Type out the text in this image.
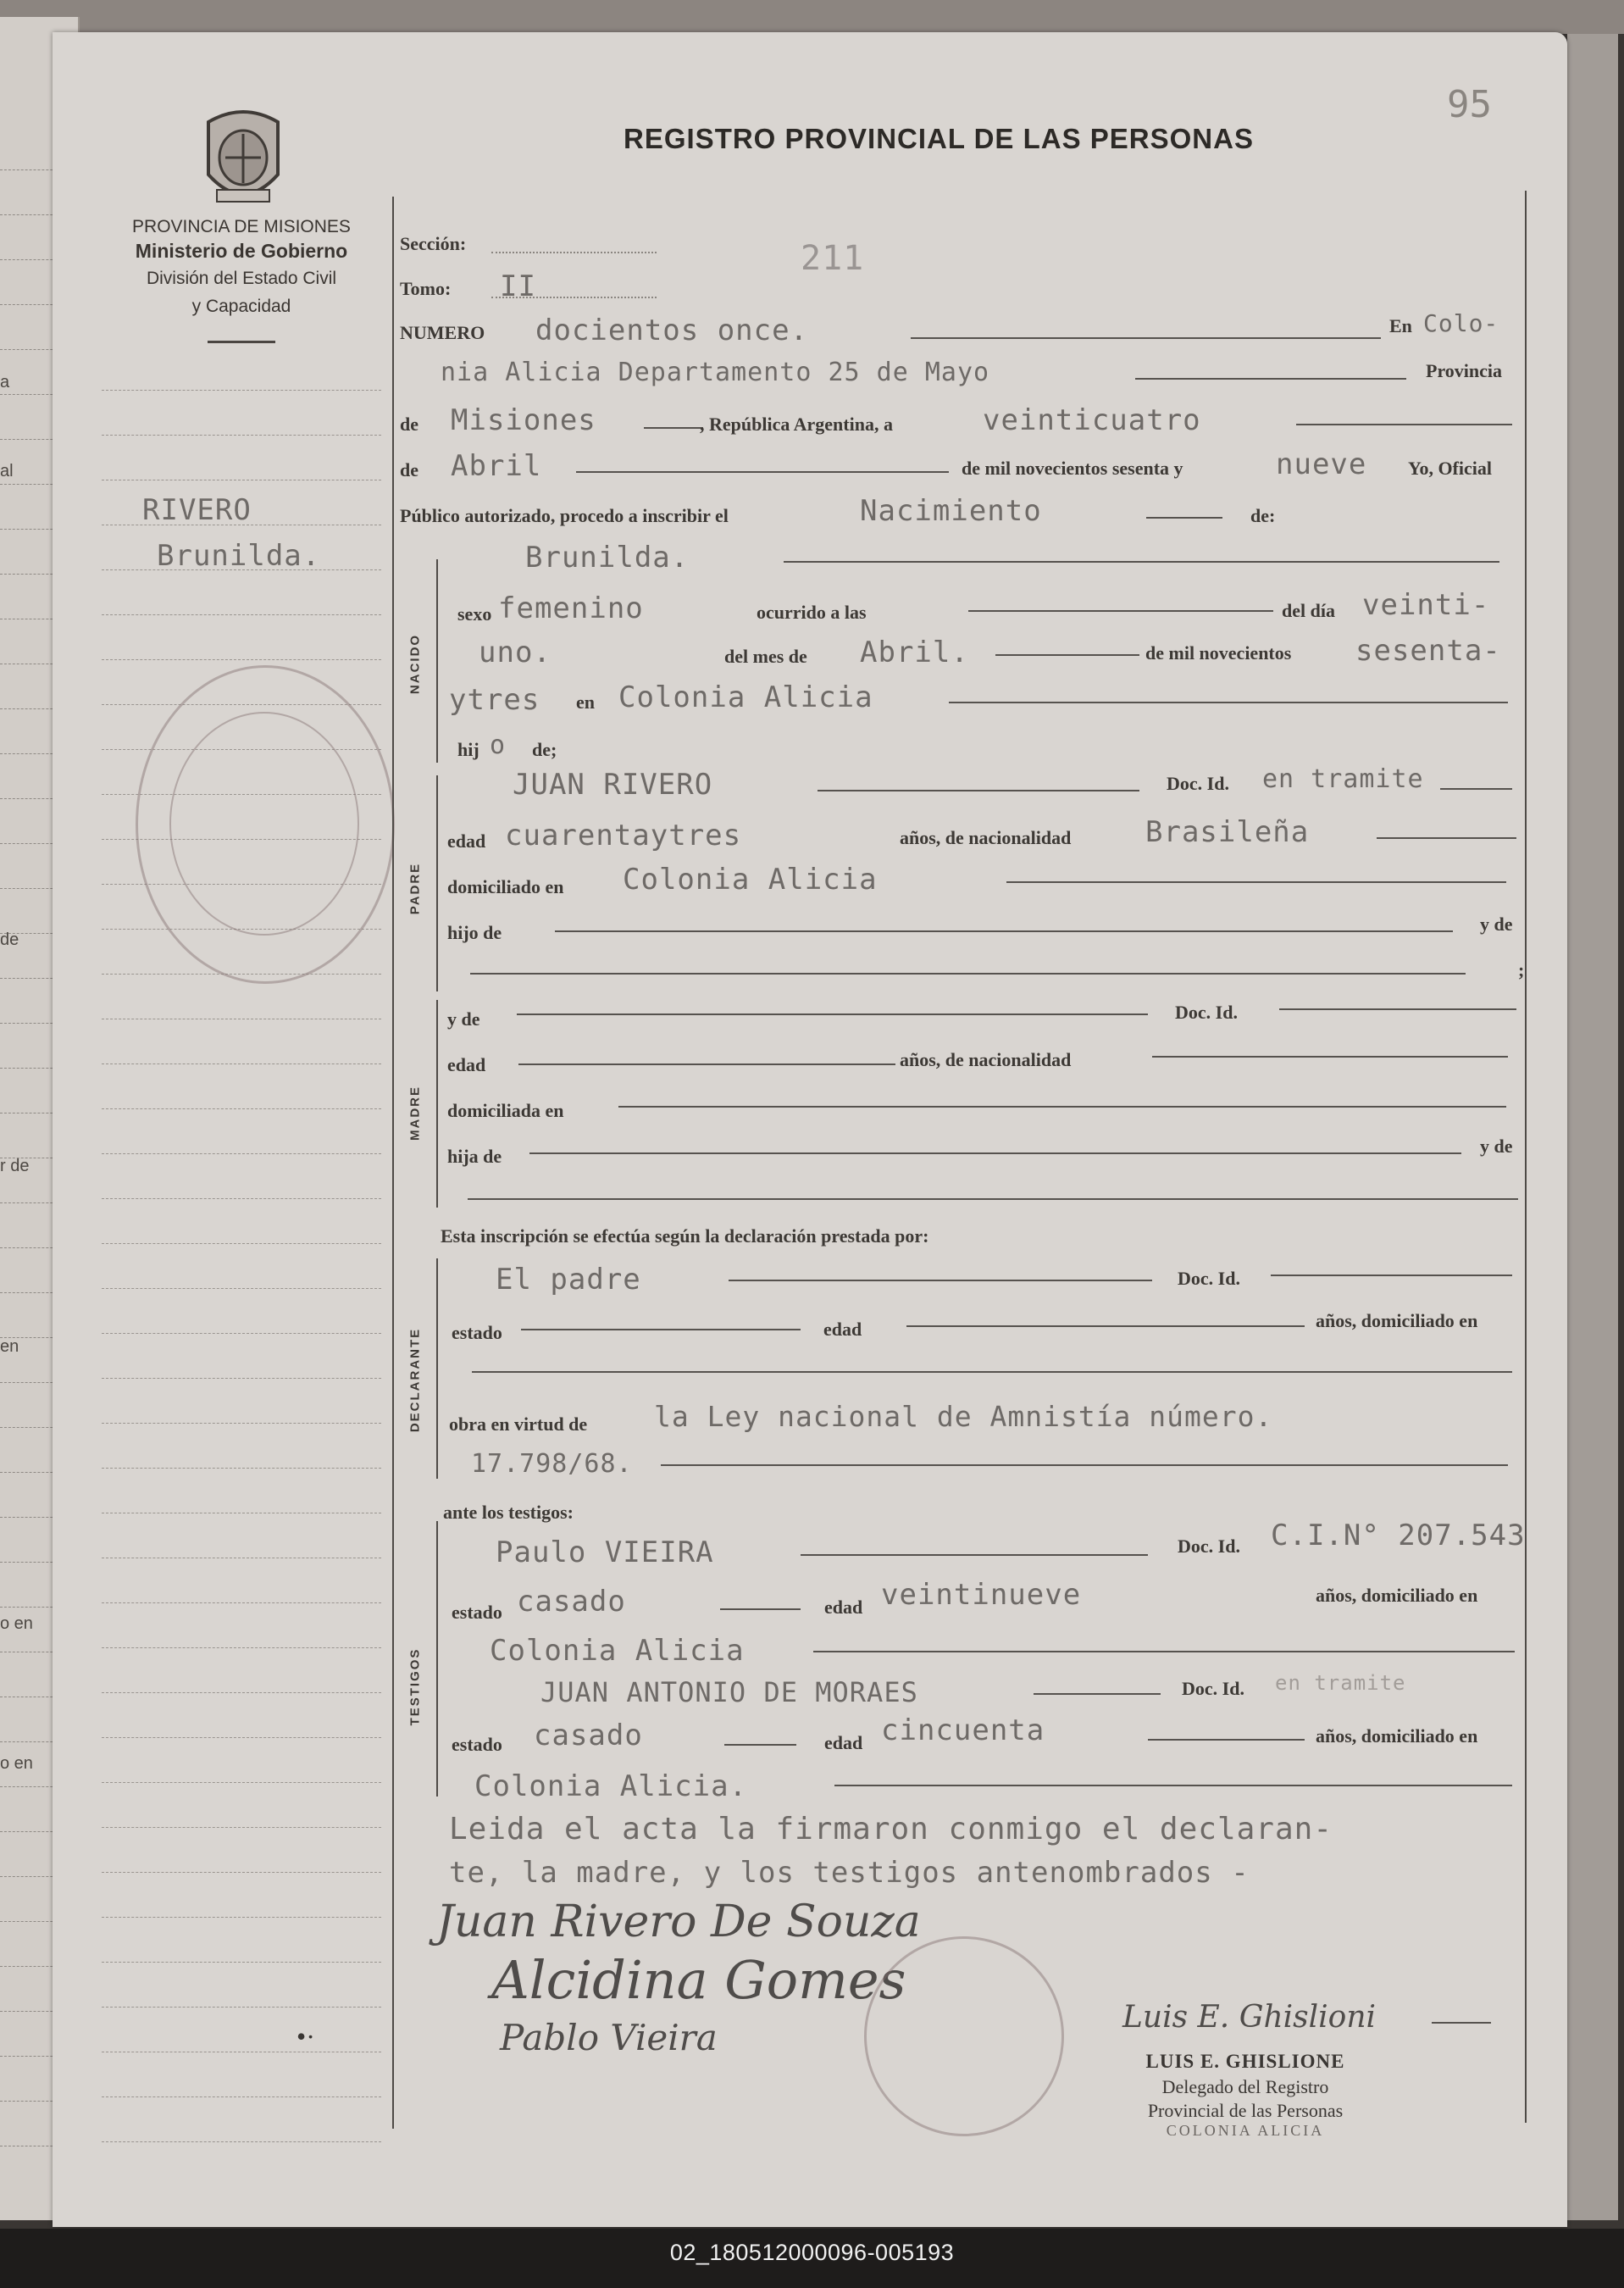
a
al
de
r de
en
o en
o en
REGISTRO PROVINCIAL DE LAS PERSONAS
95
PROVINCIA DE MISIONES
Ministerio de Gobierno
División del Estado Civil
y Capacidad
RIVERO
Brunilda.
NACIDO
PADRE
MADRE
DECLARANTE
TESTIGOS
Sección:	211
Tomo: II
NUMERO docientos once.	En Colo-
nia Alicia Departamento 25 de Mayo	Provincia
de Misiones	, República Argentina, a	veinticuatro
de Abril	de mil novecientos sesenta y	nueve Yo, Oficial
Público autorizado, procedo a inscribir el	Nacimiento	de:
Brunilda.
sexo femenino	ocurrido a las	del día veinti-
uno.	del mes de Abril.	de mil novecientos sesenta-
ytres en Colonia Alicia
hij o de;
JUAN RIVERO	Doc. Id. en tramite
edad cuarentaytres	años, de nacionalidad	Brasileña
domiciliado en Colonia Alicia
hijo de	y de
;
y de	Doc. Id.
edad	años, de nacionalidad
domiciliada en
hija de	y de
Esta inscripción se efectúa según la declaración prestada por:
El padre	Doc. Id.
estado	edad	años, domiciliado en
obra en virtud de la Ley nacional de Amnistía número.
17.798/68.
ante los testigos:
Paulo VIEIRA	Doc. Id. C.I.N° 207.543
estado casado	edad veintinueve	años, domiciliado en
Colonia Alicia
JUAN ANTONIO DE MORAES	Doc. Id. en tramite
estado casado	edad cincuenta	años, domiciliado en
Colonia Alicia.
Leida el acta la firmaron conmigo el declaran-
te, la madre, y los testigos antenombrados -
Juan Rivero De Souza
Alcidina Gomes
Pablo Vieira	Luis E. Ghislioni
•·
LUIS E. GHISLIONE
Delegado del Registro
Provincial de las Personas
COLONIA ALICIA
02_180512000096-005193
